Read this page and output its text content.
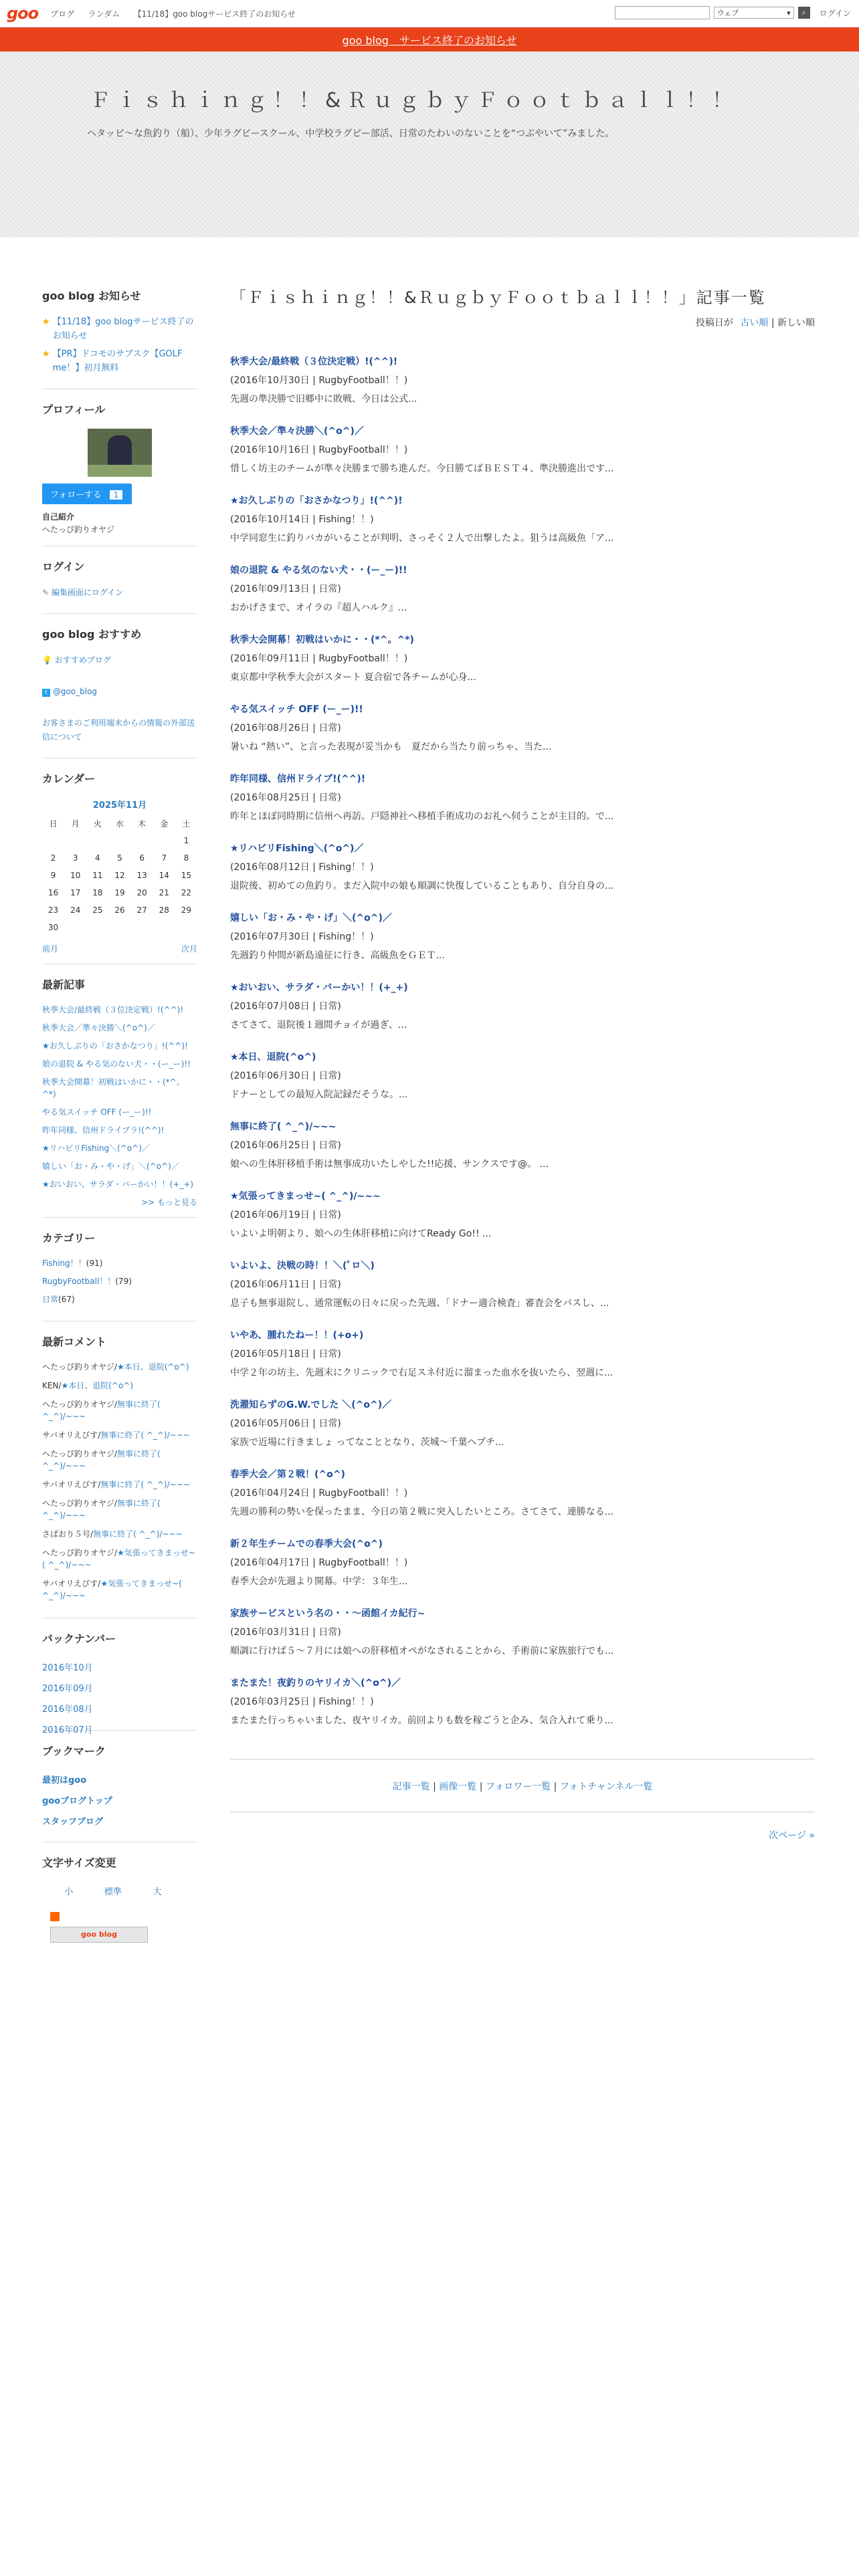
goo ブログ ランダム 【11/18】goo blogサービス終了のお知らせ	ウェブ ▾	⌕	ログイン
goo blog　サービス終了のお知らせ
Ｆｉｓｈｉｎｇ！！&ＲｕｇｂｙＦｏｏｔｂａｌｌ！！
ヘタッピ～な魚釣り（船）、少年ラグビースクール、中学校ラグビー部活、日常のたわいのないことを“つぶやいて”みました。
goo blog お知らせ
★ 【11/18】goo blogサービス終了のお知らせ
★ 【PR】ドコモのサブスク【GOLF me！】初月無料
プロフィール
フォローする 1
自己紹介
へたっぴ釣りオヤジ
ログイン
✎ 編集画面にログイン
goo blog おすすめ
💡 おすすめブログ
t @goo_blog
お客さまのご利用端末からの情報の外部送信について
カレンダー
2025年11月
日	月	火	水	木	金	土
						1
2	3	4	5	6	7	8
9	10	11	12	13	14	15
16	17	18	19	20	21	22
23	24	25	26	27	28	29
30						
前月	次月
最新記事
秋季大会/最終戦（３位決定戦）!(^^)!
秋季大会／準々決勝＼(^o^)／
★お久しぶりの「おさかなつり」!(^^)!
娘の退院 & やる気のない犬・・(ー_ー)!!
秋季大会開幕！初戦はいかに・・(*^。^*)
やる気スイッチ OFF (ー_ー)!!
昨年同様、信州ドライブラ!(^^)!
★リハビリFishing＼(^o^)／
嬉しい「お・み・や・げ」＼(^o^)／
★おいおい、サラダ・バーかい！！(+_+)
>> もっと見る
カテゴリー
Fishing！！(91)
RugbyFootball！！(79)
日常(67)
最新コメント
へたっぴ釣りオヤジ/★本日、退院(^o^)
KEN/★本日、退院(^o^)
へたっぴ釣りオヤジ/無事に終了( ^_^)/~~~
サバオリえびす/無事に終了( ^_^)/~~~
へたっぴ釣りオヤジ/無事に終了( ^_^)/~~~
サバオリえびす/無事に終了( ^_^)/~~~
へたっぴ釣りオヤジ/無事に終了( ^_^)/~~~
さばおり５号/無事に終了( ^_^)/~~~
へたっぴ釣りオヤジ/★気張ってきまっせ~( ^_^)/~~~
サバオリえびす/★気張ってきまっせ~( ^_^)/~~~
バックナンバー
2016年10月
2016年09月
2016年08月
2016年07月
ブックマーク
最初はgoo
gooブログトップ
スタッフブログ
文字サイズ変更
小	標準	大
goo blog
「Ｆｉｓｈｉｎｇ！！&ＲｕｇｂｙＦｏｏｔｂａｌｌ！！」記事一覧
投稿日が 古い順 | 新しい順
秋季大会/最終戦（３位決定戦）!(^^)!
(2016年10月30日 | RugbyFootball！！)
先週の準決勝で旧郷中に敗戦、今日は公式...
秋季大会／準々決勝＼(^o^)／
(2016年10月16日 | RugbyFootball！！)
惜しく坊主のチームが準々決勝まで勝ち進んだ。今日勝てばＢＥＳＴ４、準決勝進出です...
★お久しぶりの「おさかなつり」!(^^)!
(2016年10月14日 | Fishing！！)
中学同窓生に釣りバカがいることが判明、さっそく２人で出撃したよ。狙うは高級魚「ア...
娘の退院 & やる気のない犬・・(ー_ー)!!
(2016年09月13日 | 日常)
おかげさまで、オイラの『超人ハルク』...
秋季大会開幕！初戦はいかに・・(*^。^*)
(2016年09月11日 | RugbyFootball！！)
東京都中学秋季大会がスタート 夏合宿で各チームが心身...
やる気スイッチ OFF (ー_ー)!!
(2016年08月26日 | 日常)
暑いね “熱い”、と言った表現が妥当かも　夏だから当たり前っちゃ、当た...
昨年同様、信州ドライブ!(^^)!
(2016年08月25日 | 日常)
昨年とほぼ同時期に信州へ再訪。戸隠神社へ移植手術成功のお礼へ伺うことが主目的。で...
★リハビリFishing＼(^o^)／
(2016年08月12日 | Fishing！！)
退院後、初めての魚釣り。まだ入院中の娘も順調に快復していることもあり、自分自身の...
嬉しい「お・み・や・げ」＼(^o^)／
(2016年07月30日 | Fishing！！)
先週釣り仲間が新島遠征に行き、高級魚をＧＥＴ...
★おいおい、サラダ・バーかい！！(+_+)
(2016年07月08日 | 日常)
さてさて、退院後１週間チョイが過ぎ、...
★本日、退院(^o^)
(2016年06月30日 | 日常)
ドナーとしての最短入院記録だそうな。...
無事に終了( ^_^)/~~~
(2016年06月25日 | 日常)
娘への生体肝移植手術は無事成功いたしやした!!応援、サンクスです@。 ...
★気張ってきまっせ~( ^_^)/~~~
(2016年06月19日 | 日常)
いよいよ明朝より、娘への生体肝移植に向けてReady Go!! ...
いよいよ、決戦の時！！＼(ﾟロ＼)
(2016年06月11日 | 日常)
息子も無事退院し、通常運転の日々に戻った先週、「ドナー適合検査」審査会をパスし、...
いやあ、腫れたねー！！(+o+)
(2016年05月18日 | 日常)
中学２年の坊主、先週末にクリニックで右足スネ付近に溜まった血水を抜いたら、翌週に...
洗濯知らずのG.W.でした ＼(^o^)／
(2016年05月06日 | 日常)
家族で近場に行きましょ ってなこととなり、茨城～千葉ヘプチ...
春季大会／第２戦！(^o^)
(2016年04月24日 | RugbyFootball！！)
先週の勝利の勢いを保ったまま、今日の第２戦に突入したいところ。さてさて、連勝なる...
新２年生チームでの春季大会(^o^)
(2016年04月17日 | RugbyFootball！！)
春季大会が先週より開幕。中学：３年生...
家族サービスという名の・・～函館イカ紀行~
(2016年03月31日 | 日常)
順調に行けば５～７月には娘への肝移植オペがなされることから、手術前に家族旅行でも...
またまた！夜釣りのヤリイカ＼(^o^)／
(2016年03月25日 | Fishing！！)
またまた行っちゃいました、夜ヤリイカ。前回よりも数を稼ごうと企み、気合入れて乗り...
記事一覧 | 画像一覧 | フォロワー一覧 | フォトチャンネル一覧
次ページ »
